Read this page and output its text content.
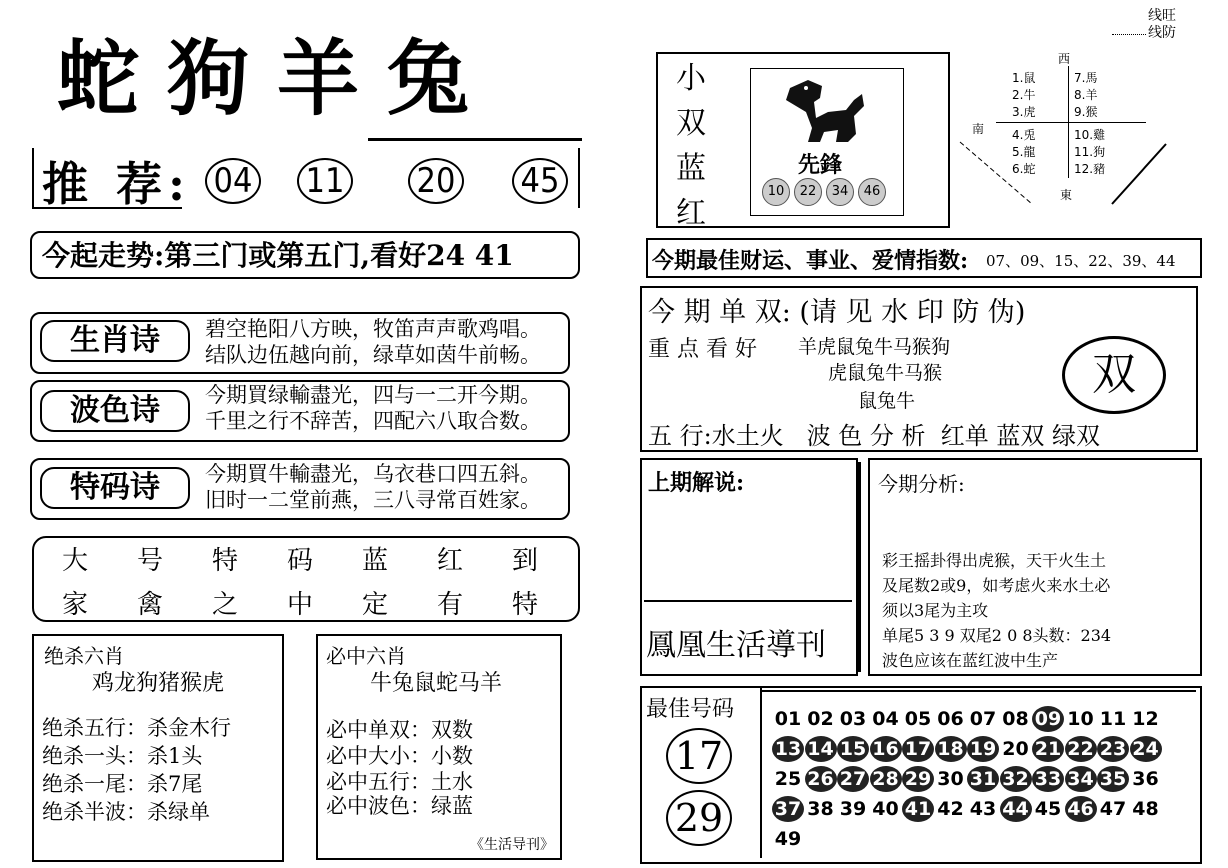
蛇 狗 羊 兔
推 荐: 04 11 20 45
今起走势:第三门或第五门,看好24 41
生肖诗	碧空艳阳八方映，牧笛声声歌鸡唱。
结队边伍越向前，绿草如茵牛前畅。
波色诗	今期買绿輸盡光，四与一二开今期。
千里之行不辞苦，四配六八取合数。
特码诗	今期買牛輸盡光，乌衣巷口四五斜。
旧时一二堂前燕，三八寻常百姓家。
大	号	特	码	蓝	红	到
家	禽	之	中	定	有	特
绝杀六肖
鸡龙狗猪猴虎
绝杀五行：杀金木行
绝杀一头：杀1头
绝杀一尾：杀7尾
绝杀半波：杀绿单
必中六肖
牛兔鼠蛇马羊
必中单双：双数
必中大小：小数
必中五行：土水
必中波色：绿蓝
《生活导刊》
线旺
线防
小
双
蓝
红
先鋒
10	22	34	46
西
南
東
1.鼠
2.牛
3.虎
4.兎
5.龍
6.蛇
7.馬
8.羊
9.猴
10.雞
11.狗
12.豬
今期最佳财运、事业、爱情指数: 07、09、15、22、39、44
今 期 单 双: (请 见 水 印 防 伪)
重 点 看 好 羊虎鼠兔牛马猴狗
虎鼠兔牛马猴
鼠兔牛
双
五 行:水土火   波 色 分 析  红单 蓝双 绿双
上期解说:
鳳凰生活導刊
今期分析:
彩王摇卦得出虎猴，天干火生土
及尾数2或9，如考虑火来水土必
须以3尾为主攻
单尾5 3 9 双尾2 0 8头数：234
波色应该在蓝红波中生产
最佳号码
17
29
01 02 03 04 05 06 07 08 09 10 11 12
13 14 15 16 17 18 19 20 21 22 23 24
25 26 27 28 29 30 31 32 33 34 35 36
37 38 39 40 41 42 43 44 45 46 47 48
49
